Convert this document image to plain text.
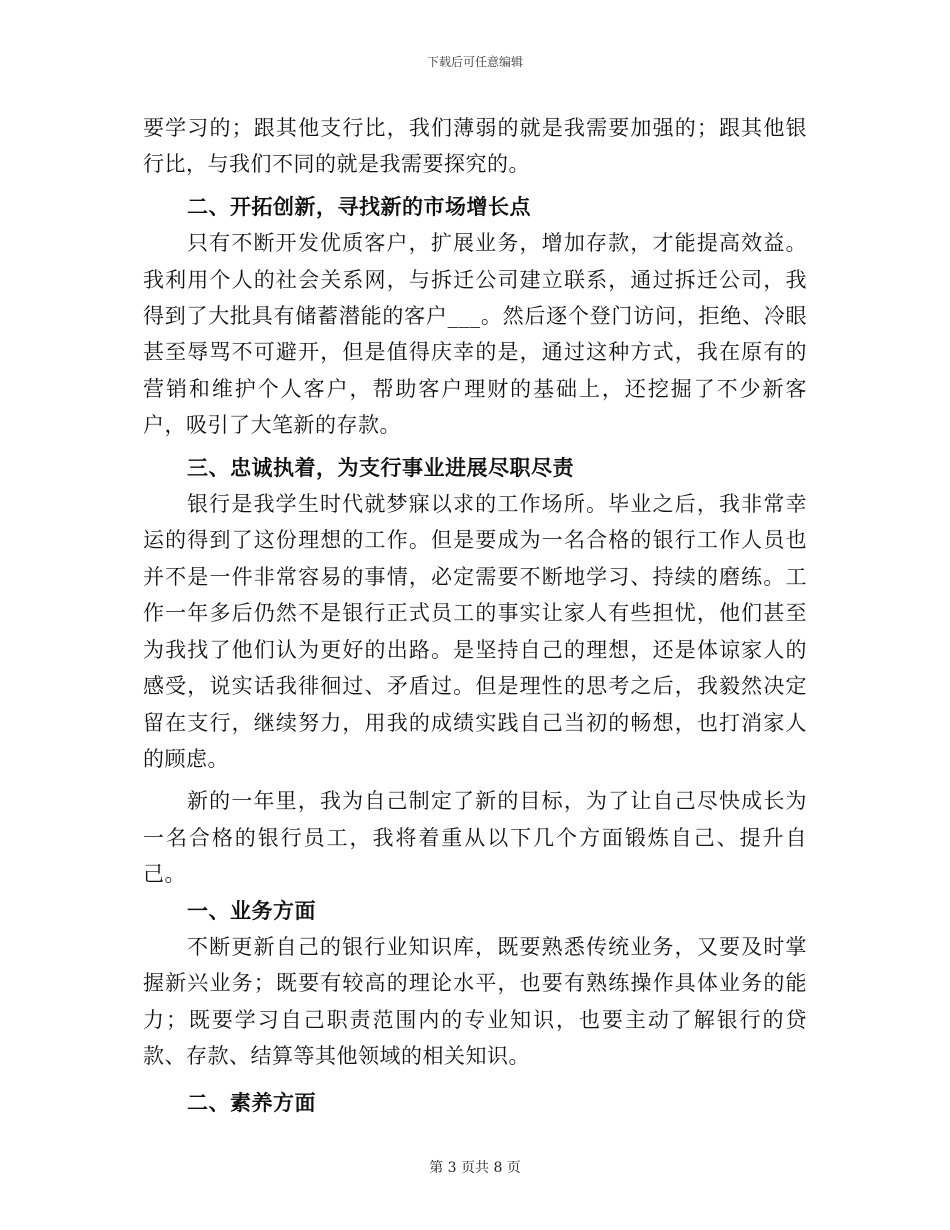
下载后可任意编辑

要学习的；跟其他支行比，我们薄弱的就是我需要加强的；跟其他银行比，与我们不同的就是我需要探究的。

二、开拓创新，寻找新的市场增长点

只有不断开发优质客户，扩展业务，增加存款，才能提高效益。我利用个人的社会关系网，与拆迁公司建立联系，通过拆迁公司，我得到了大批具有储蓄潜能的客户___。然后逐个登门访问，拒绝、冷眼甚至辱骂不可避开，但是值得庆幸的是，通过这种方式，我在原有的营销和维护个人客户，帮助客户理财的基础上，还挖掘了不少新客户，吸引了大笔新的存款。

三、忠诚执着，为支行事业进展尽职尽责

银行是我学生时代就梦寐以求的工作场所。毕业之后，我非常幸运的得到了这份理想的工作。但是要成为一名合格的银行工作人员也并不是一件非常容易的事情，必定需要不断地学习、持续的磨练。工作一年多后仍然不是银行正式员工的事实让家人有些担忧，他们甚至为我找了他们认为更好的出路。是坚持自己的理想，还是体谅家人的感受，说实话我徘徊过、矛盾过。但是理性的思考之后，我毅然决定留在支行，继续努力，用我的成绩实践自己当初的畅想，也打消家人的顾虑。

新的一年里，我为自己制定了新的目标，为了让自己尽快成长为一名合格的银行员工，我将着重从以下几个方面锻炼自己、提升自己。

一、业务方面

不断更新自己的银行业知识库，既要熟悉传统业务，又要及时掌握新兴业务；既要有较高的理论水平，也要有熟练操作具体业务的能力；既要学习自己职责范围内的专业知识，也要主动了解银行的贷款、存款、结算等其他领域的相关知识。

二、素养方面

第 3 页共 8 页
